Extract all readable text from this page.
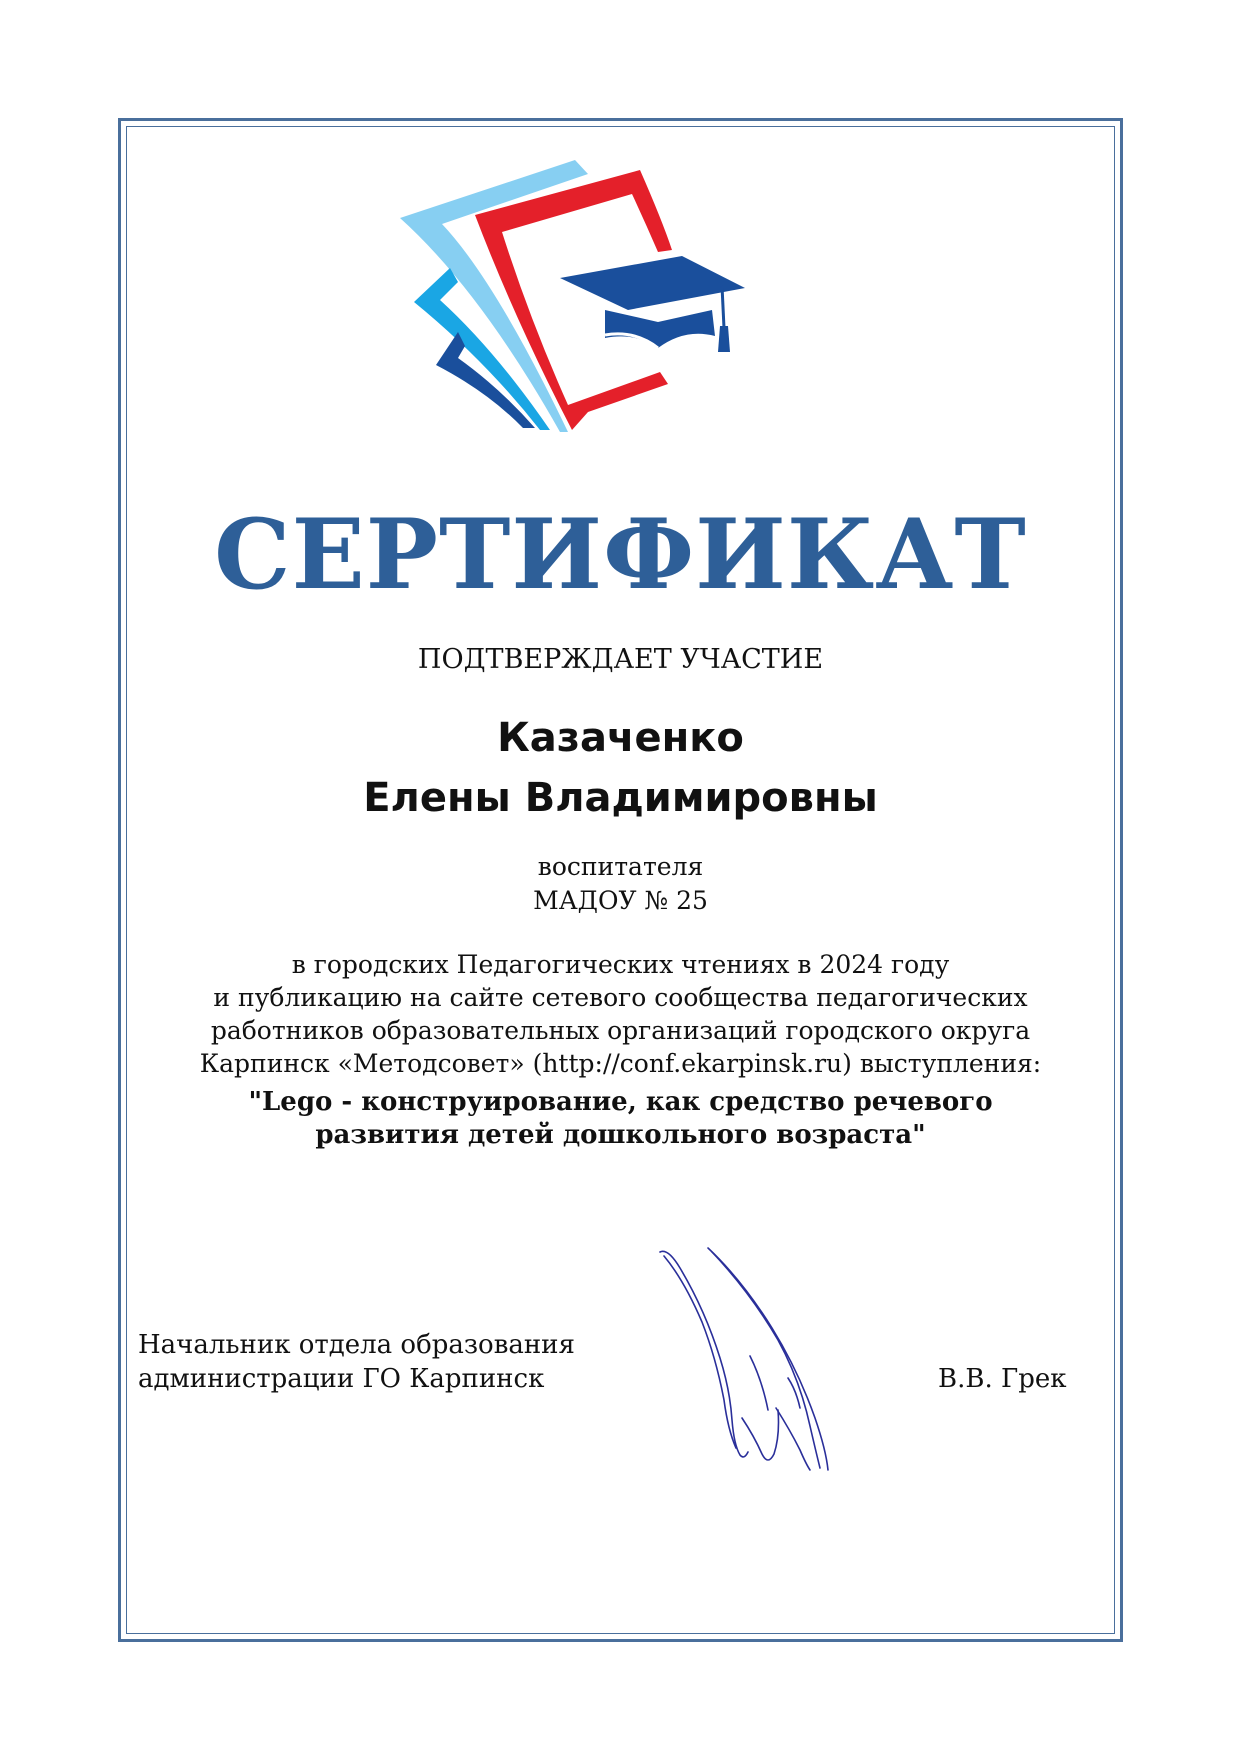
СЕРТИФИКАТ
ПОДТВЕРЖДАЕТ УЧАСТИЕ
Казаченко
Елены Владимировны
воспитателя
МАДОУ № 25
в городских Педагогических чтениях в 2024 году
и публикацию на сайте сетевого сообщества педагогических
работников образовательных организаций городского округа
Карпинск «Методсовет» (http://conf.ekarpinsk.ru) выступления:
"Lego - конструирование, как средство речевого
развития детей дошкольного возраста"
Начальник отдела образования
администрации ГО Карпинск	В.В. Грек
